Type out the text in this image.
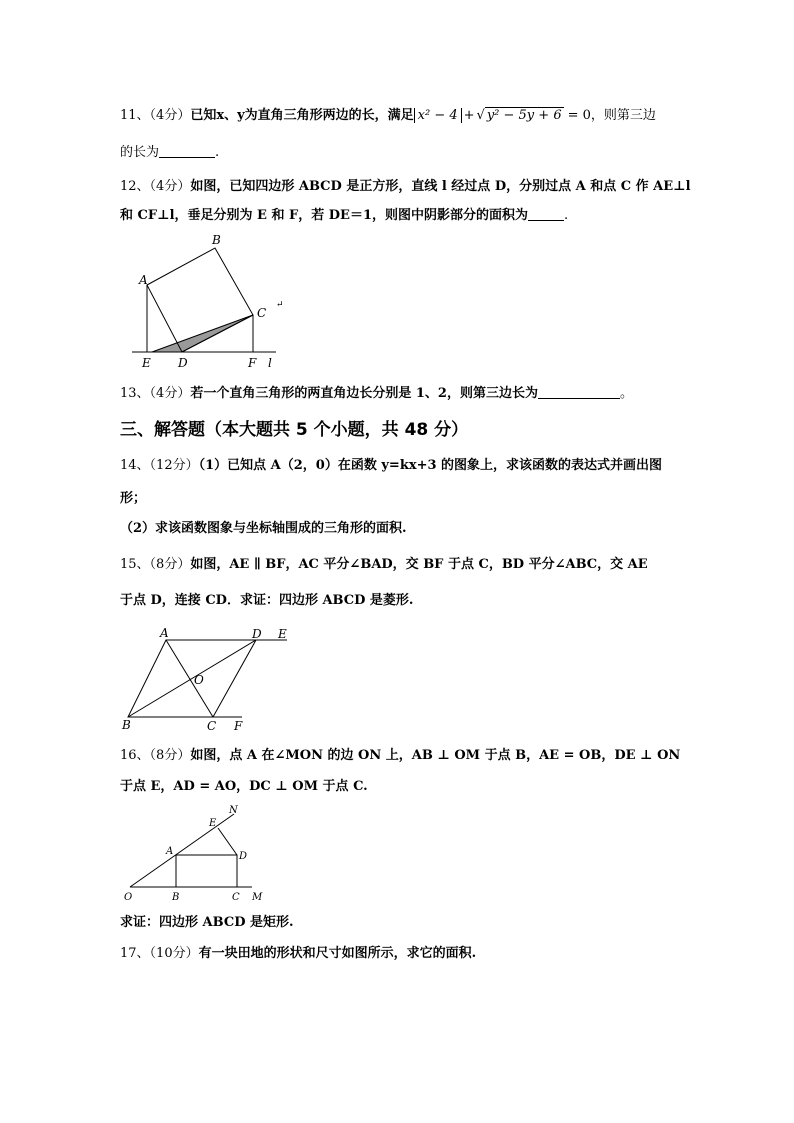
11、（4分）已知x、y为直角三角形两边的长，满足 x² − 4 + √ y² − 5y + 6 = 0，则第三边
的长为	.
12、（4分）如图，已知四边形 ABCD 是正方形，直线 l 经过点 D，分别过点 A 和点 C 作 AE⊥l
和 CF⊥l，垂足分别为 E 和 F，若 DE＝1，则图中阴影部分的面积为	.
A
B
C
D
E	F l
↵
13、（4分）若一个直角三角形的两直角边长分别是 1、2，则第三边长为	。
三、解答题（本大题共 5 个小题，共 48 分）
14、（12分）（1）已知点 A（2，0）在函数 y=kx+3 的图象上，求该函数的表达式并画出图
形；
（2）求该函数图象与坐标轴围成的三角形的面积.
15、（8分）如图，AE ∥ BF，AC 平分∠BAD，交 BF 于点 C，BD 平分∠ABC，交 AE
于点 D，连接 CD．求证：四边形 ABCD 是菱形.
A	D E
B	C F
O
16、（8分）如图，点 A 在∠MON 的边 ON 上，AB ⊥ OM 于点 B，AE = OB，DE ⊥ ON
于点 E，AD = AO，DC ⊥ OM 于点 C.
A
B	C
D
E
M
N
O
求证：四边形 ABCD 是矩形.
17、（10分）有一块田地的形状和尺寸如图所示，求它的面积.
